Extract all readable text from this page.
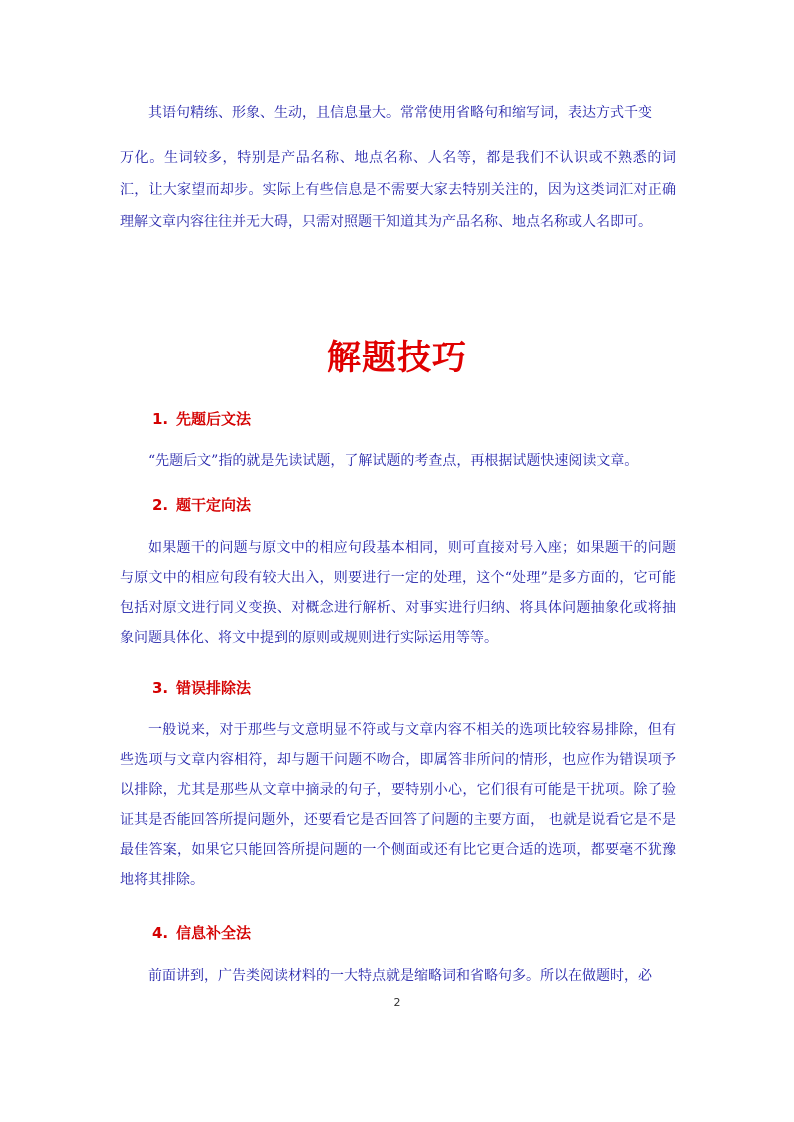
其语句精练、形象、生动，且信息量大。常常使用省略句和缩写词，表达方式千变
万化。生词较多，特别是产品名称、地点名称、人名等，都是我们不认识或不熟悉的词汇，让大家望而却步。实际上有些信息是不需要大家去特别关注的，因为这类词汇对正确理解文章内容往往并无大碍，只需对照题干知道其为产品名称、地点名称或人名即可。

解题技巧
1. 先题后文法

“先题后文”指的就是先读试题，了解试题的考查点，再根据试题快速阅读文章。

2. 题干定向法

如果题干的问题与原文中的相应句段基本相同，则可直接对号入座；如果题干的问题与原文中的相应句段有较大出入，则要进行一定的处理，这个“处理”是多方面的，它可能包括对原文进行同义变换、对概念进行解析、对事实进行归纳、将具体问题抽象化或将抽象问题具体化、将文中提到的原则或规则进行实际运用等等。

3. 错误排除法

一般说来，对于那些与文意明显不符或与文章内容不相关的选项比较容易排除，但有些选项与文章内容相符，却与题干问题不吻合，即属答非所问的情形，也应作为错误项予以排除，尤其是那些从文章中摘录的句子，要特别小心，它们很有可能是干扰项。除了验证其是否能回答所提问题外，还要看它是否回答了问题的主要方面， 也就是说看它是不是最佳答案，如果它只能回答所提问题的一个侧面或还有比它更合适的选项，都要毫不犹豫地将其排除。

4. 信息补全法

前面讲到，广告类阅读材料的一大特点就是缩略词和省略句多。所以在做题时，必

2
